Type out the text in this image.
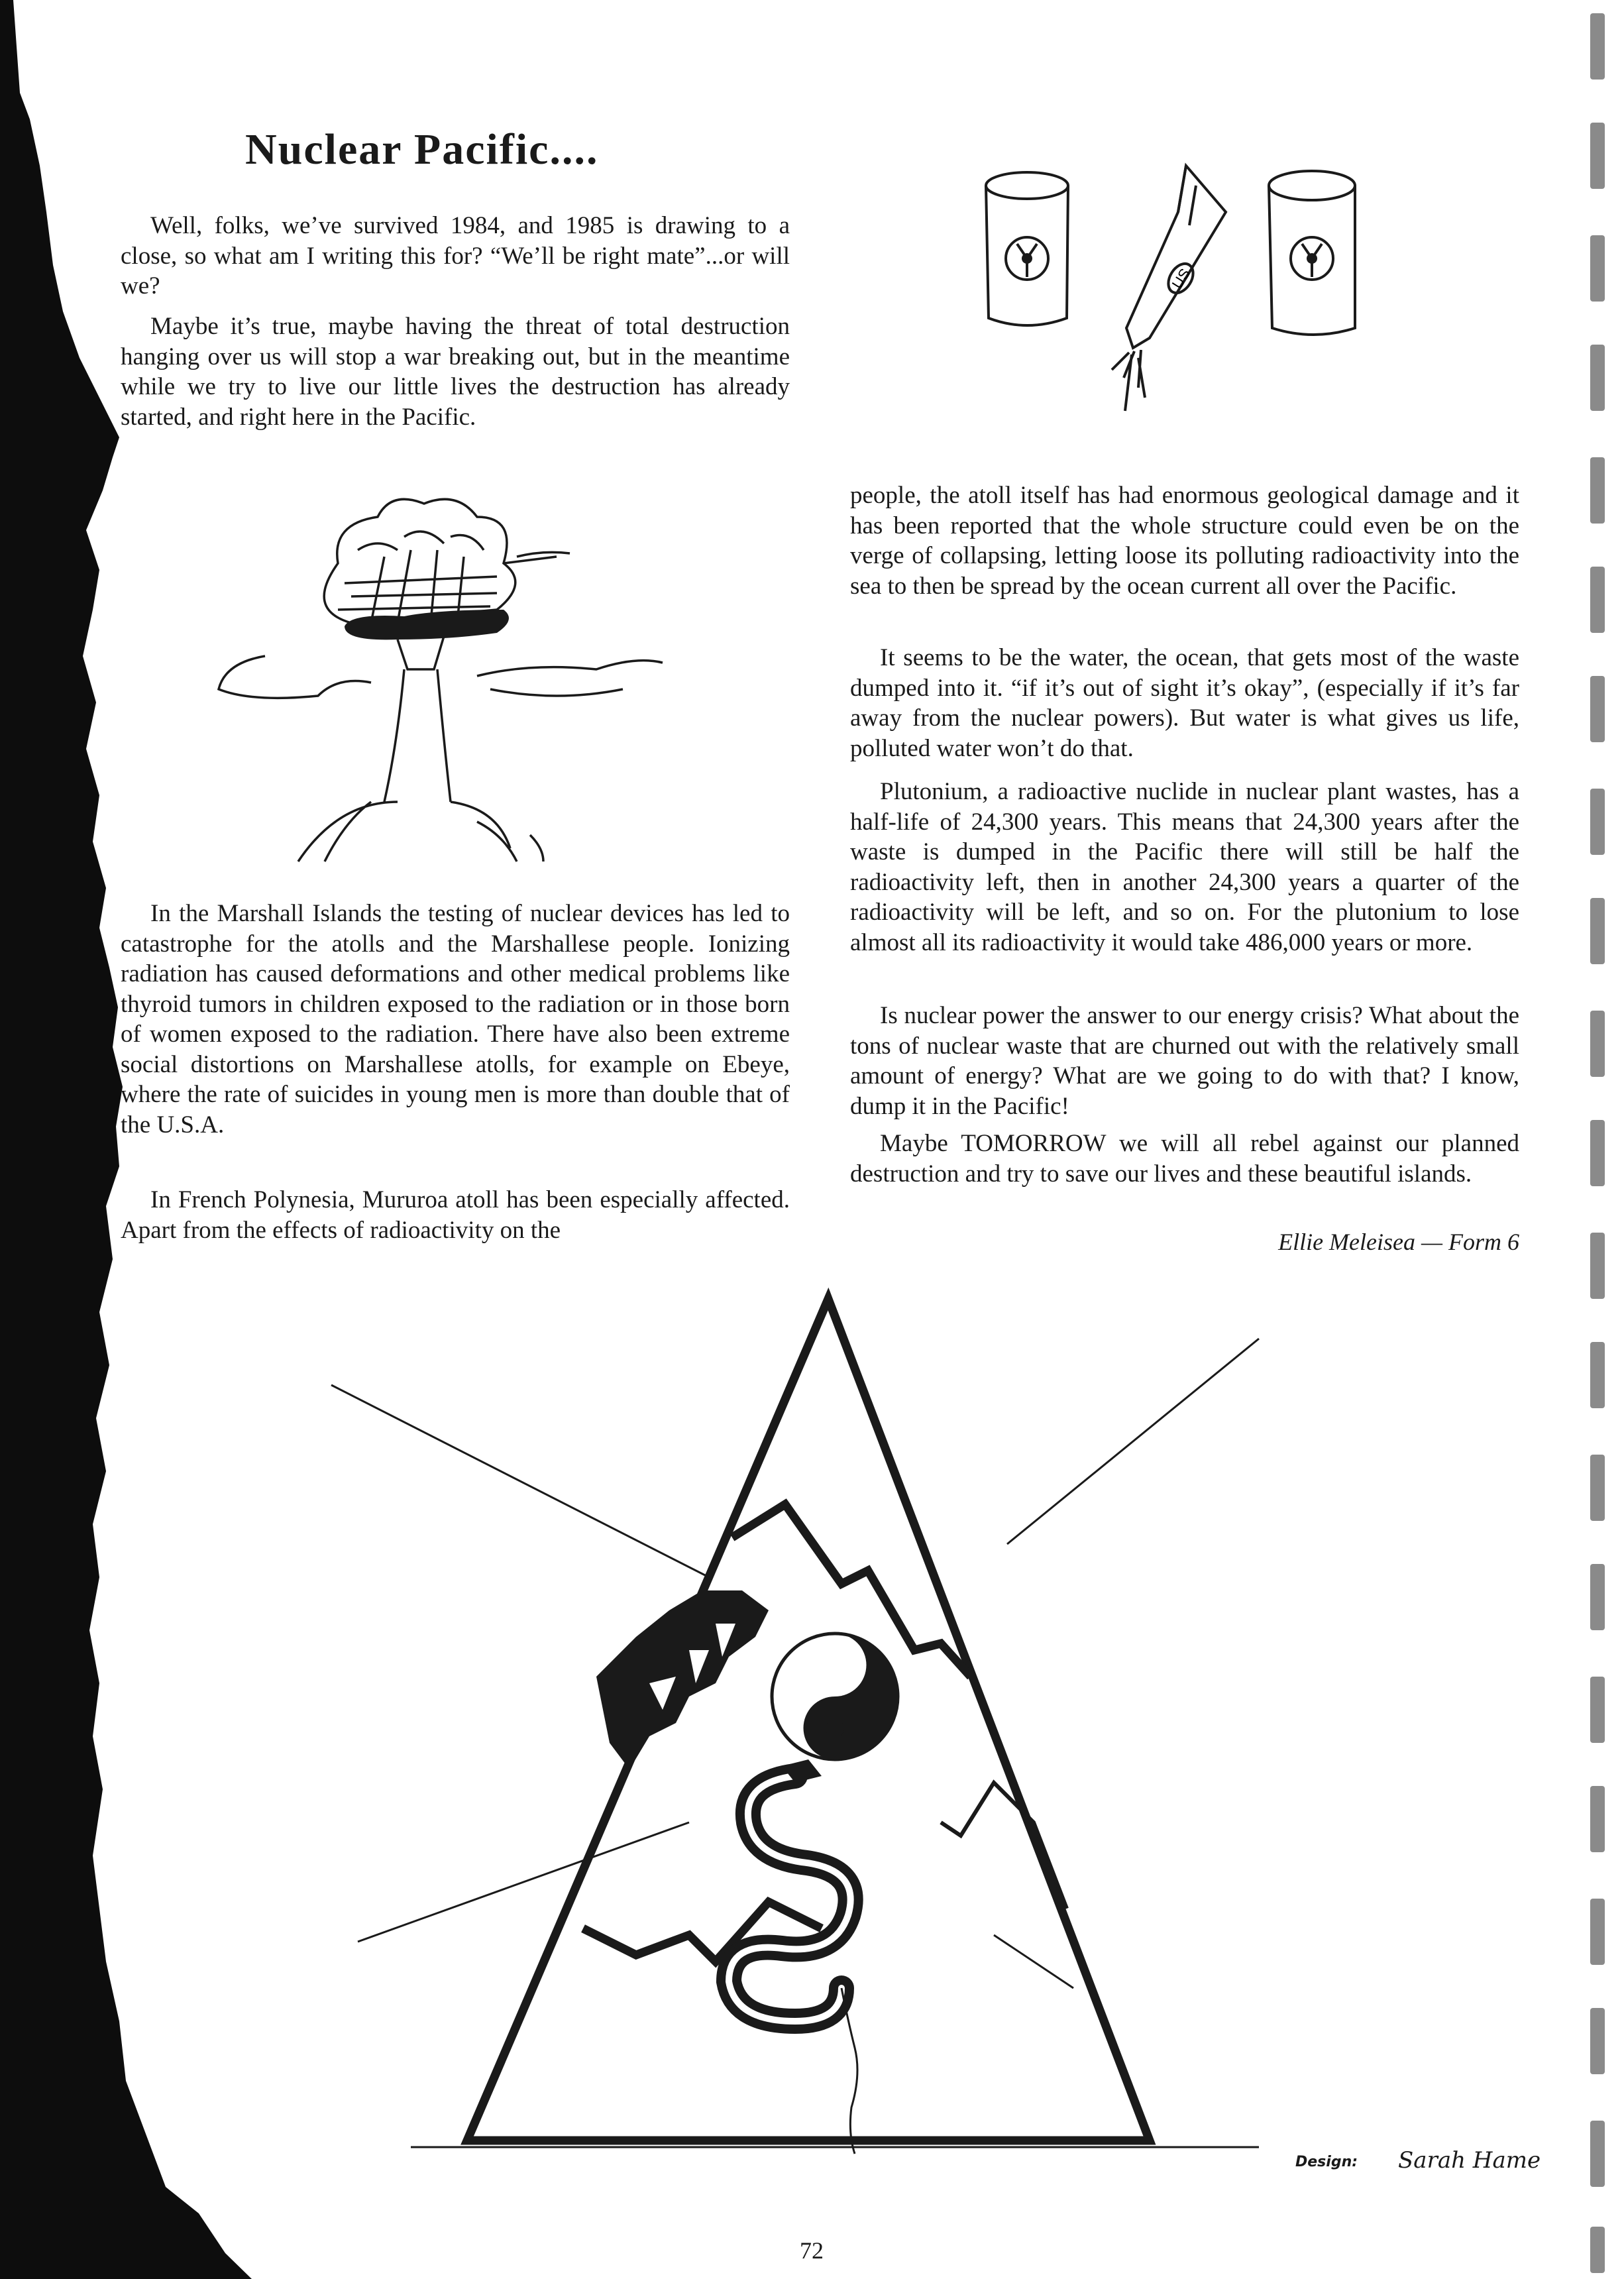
Nuclear Pacific....

Well, folks, we’ve survived 1984, and 1985 is drawing to a close, so what am I writing this for? “We’ll be right mate”...or will we?

Maybe it’s true, maybe having the threat of total destruction hanging over us will stop a war breaking out, but in the meantime while we try to live our little lives the destruction has already started, and right here in the Pacific.

In the Marshall Islands the testing of nuclear devices has led to catastrophe for the atolls and the Marshallese people. Ionizing radiation has caused deformations and other medical problems like thyroid tumors in children exposed to the radiation or in those born of women exposed to the radiation. There have also been extreme social distortions on Marshallese atolls, for example on Ebeye, where the rate of suicides in young men is more than double that of the U.S.A.

In French Polynesia, Mururoa atoll has been especially affected. Apart from the effects of radioactivity on the

people, the atoll itself has had enormous geological damage and it has been reported that the whole structure could even be on the verge of collapsing, letting loose its polluting radioactivity into the sea to then be spread by the ocean current all over the Pacific.

It seems to be the water, the ocean, that gets most of the waste dumped into it. “if it’s out of sight it’s okay”, (especially if it’s far away from the nuclear powers). But water is what gives us life, polluted water won’t do that.

Plutonium, a radioactive nuclide in nuclear plant wastes, has a half-life of 24,300 years. This means that 24,300 years after the waste is dumped in the Pacific there will still be half the radioactivity left, then in another 24,300 years a quarter of the radioactivity will be left, and so on. For the plutonium to lose almost all its radioactivity it would take 486,000 years or more.

Is nuclear power the answer to our energy crisis? What about the tons of nuclear waste that are churned out with the relatively small amount of energy? What are we going to do with that? I know, dump it in the Pacific!

Maybe TOMORROW we will all rebel against our planned destruction and try to save our lives and these beautiful islands.

Ellie Meleisea — Form 6
US
Design: Sarah Hame
72
